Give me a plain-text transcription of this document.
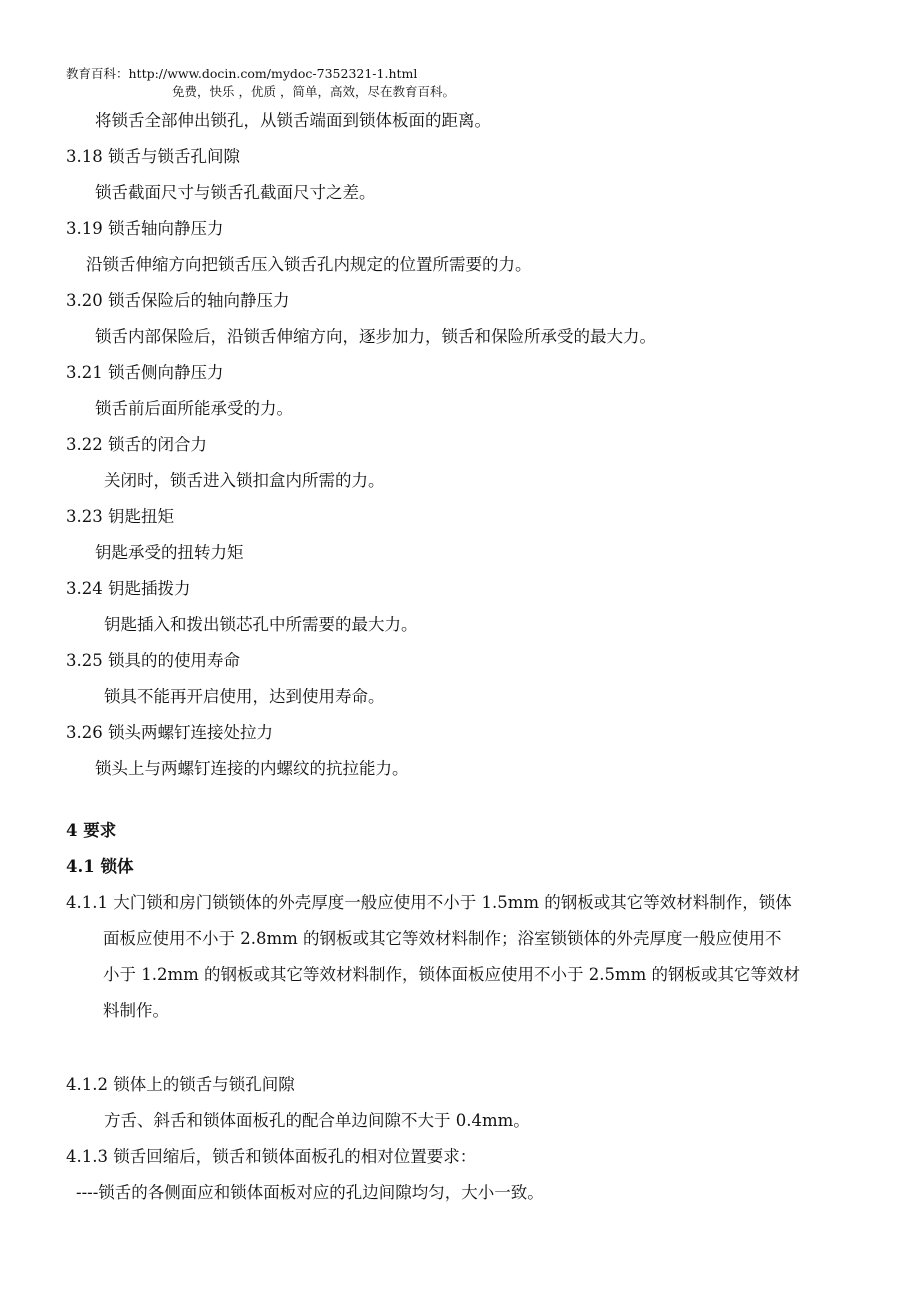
教育百科：http://www.docin.com/mydoc-7352321-1.html
免费，快乐 ，优质 ，简单，高效，尽在教育百科。
将锁舌全部伸出锁孔，从锁舌端面到锁体板面的距离。
3.18 锁舌与锁舌孔间隙
锁舌截面尺寸与锁舌孔截面尺寸之差。
3.19 锁舌轴向静压力
沿锁舌伸缩方向把锁舌压入锁舌孔内规定的位置所需要的力。
3.20 锁舌保险后的轴向静压力
锁舌内部保险后，沿锁舌伸缩方向，逐步加力，锁舌和保险所承受的最大力。
3.21 锁舌侧向静压力
锁舌前后面所能承受的力。
3.22 锁舌的闭合力
关闭时，锁舌进入锁扣盒内所需的力。
3.23 钥匙扭矩
钥匙承受的扭转力矩
3.24 钥匙插拨力
钥匙插入和拨出锁芯孔中所需要的最大力。
3.25 锁具的的使用寿命
锁具不能再开启使用，达到使用寿命。
3.26 锁头两螺钉连接处拉力
锁头上与两螺钉连接的内螺纹的抗拉能力。
4 要求
4.1 锁体
4.1.1 大门锁和房门锁锁体的外壳厚度一般应使用不小于 1.5mm 的钢板或其它等效材料制作，锁体
面板应使用不小于 2.8mm 的钢板或其它等效材料制作；浴室锁锁体的外壳厚度一般应使用不
小于 1.2mm 的钢板或其它等效材料制作，锁体面板应使用不小于 2.5mm 的钢板或其它等效材
料制作。
4.1.2 锁体上的锁舌与锁孔间隙
方舌、斜舌和锁体面板孔的配合单边间隙不大于 0.4mm。
4.1.3 锁舌回缩后，锁舌和锁体面板孔的相对位置要求：
----锁舌的各侧面应和锁体面板对应的孔边间隙均匀，大小一致。
